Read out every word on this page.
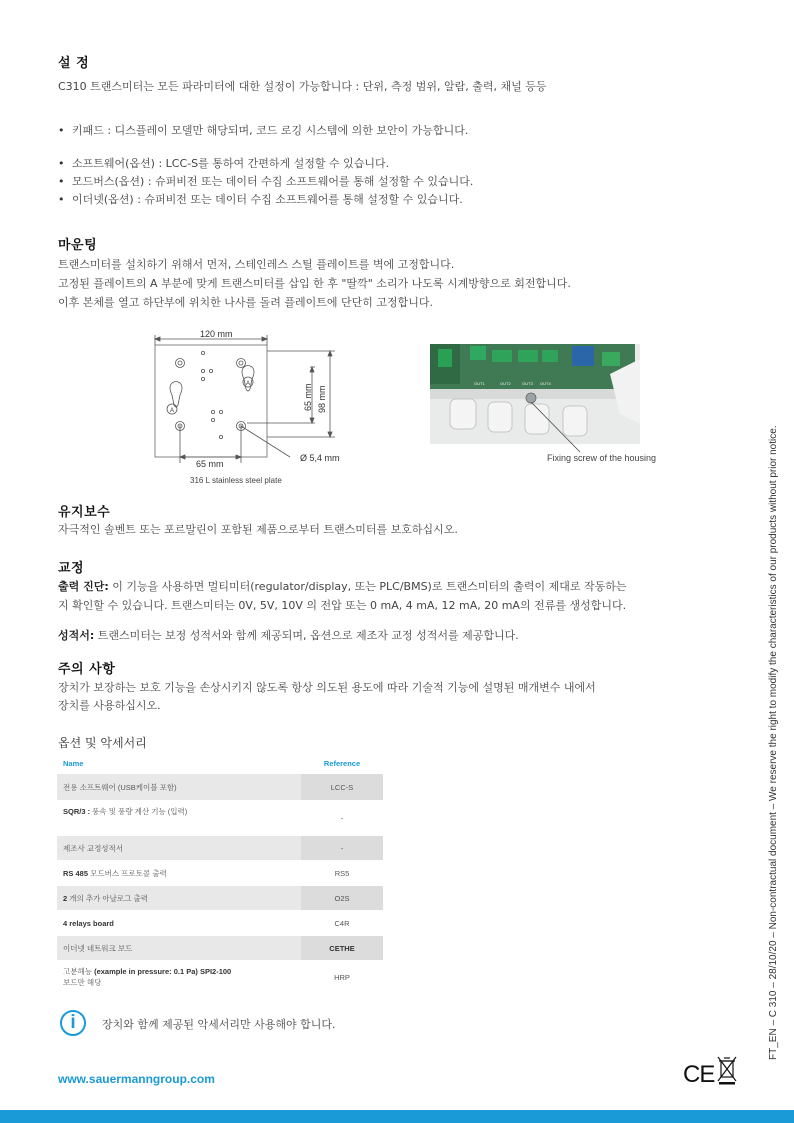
설 정
C310 트랜스미터는 모든 파라미터에 대한 설정이 가능합니다 : 단위, 측정 범위, 알람, 출력, 채널 등등
• 키패드 : 디스플레이 모델만 해당되며, 코드 로깅 시스템에 의한 보안이 가능합니다.
• 소프트웨어(옵션) : LCC-S를 통하여 간편하게 설정할 수 있습니다.
• 모드버스(옵션) : 슈퍼비전 또는 데이터 수집 소프트웨어를 통해 설정할 수 있습니다.
• 이더넷(옵션) : 슈퍼비전 또는 데이터 수집 소프트웨어를 통해 설정할 수 있습니다.
마운팅
트랜스미터를 설치하기 위해서 먼저, 스테인레스 스틸 플레이트를 벽에 고정합니다.
고정된 플레이트의 A 부분에 맞게 트랜스미터를 삽입 한 후 "딸깍" 소리가 나도록 시계방향으로 회전합니다.
이후 본체를 열고 하단부에 위치한 나사를 돌려 플레이트에 단단히 고정합니다.
120 mm
A
A	65 mm 98 mm
65 mm
Ø 5,4 mm
316 L stainless steel plate
OUT1	OUT2	OUT3 OUT4
Fixing screw of the housing
유지보수
자극적인 솔벤트 또는 포르말린이 포함된 제품으로부터 트랜스미터를 보호하십시오.
교정
출력 진단: 이 기능을 사용하면 멀티미터(regulator/display, 또는 PLC/BMS)로 트랜스미터의 출력이 제대로 작동하는
지 확인할 수 있습니다. 트랜스미터는 0V, 5V, 10V 의 전압 또는 0 mA, 4 mA, 12 mA, 20 mA의 전류를 생성합니다.
성적서: 트랜스미터는 보정 성적서와 함께 제공되며, 옵션으로 제조자 교정 성적서를 제공합니다.
주의 사항
장치가 보장하는 보호 기능을 손상시키지 않도록 항상 의도된 용도에 따라 기술적 기능에 설명된 매개변수 내에서
장치를 사용하십시오.
옵션 및 악세서리
Name	Reference
전용 소프트웨어 (USB케이블 포함)	LCC-S
SQR/3 : 풍속 및 풍량 계산 기능 (입력)	-
제조사 교정성적서	-
RS 485 모드버스 프로토콜 출력	RS5
2 개의 추가 아날로그 출력	O2S
4 relays board	C4R
이더넷 네트워크 보드	CETHE
고분해능 (example in pressure: 0.1 Pa) SPI2-100
보드만 해당	HRP
i	장치와 함께 제공된 악세서리만 사용해야 합니다.
www.sauermanngroup.com	CE
FT_EN – C 310 – 28/10/20 – Non-contractual document – We reserve the right to modify the characteristics of our products without prior notice.
